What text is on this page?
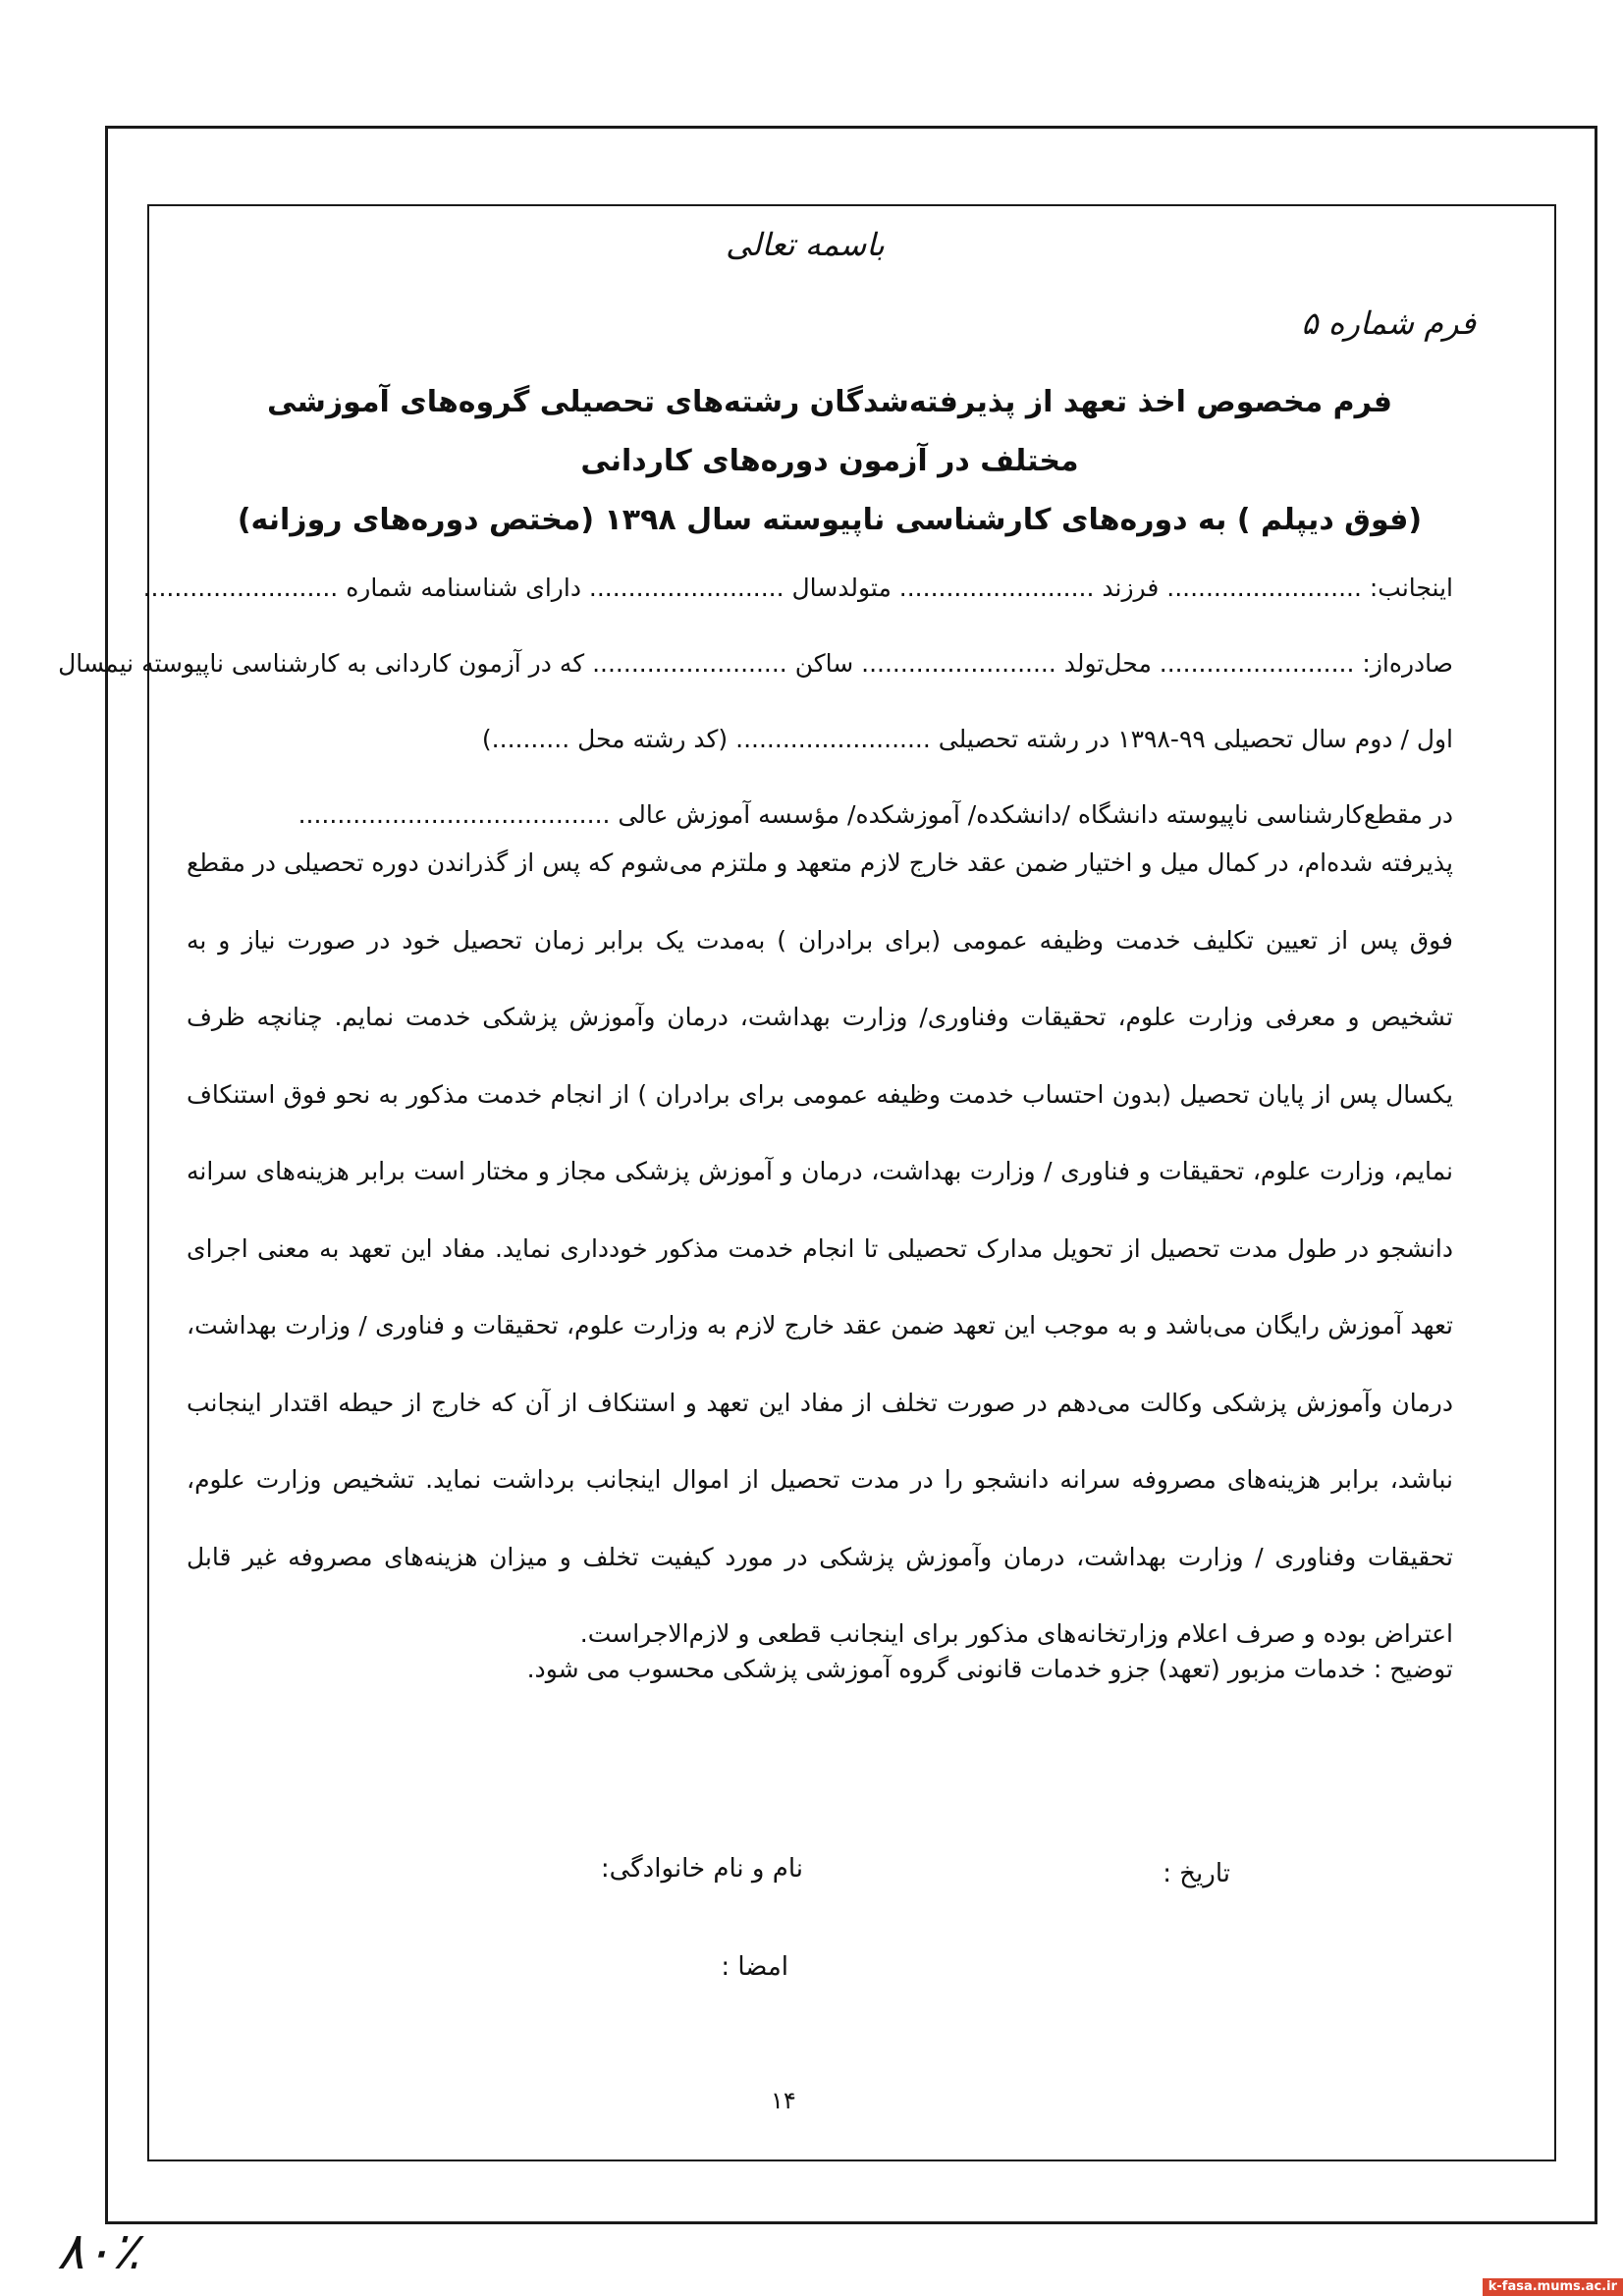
باسمه تعالی
فرم شماره ۵
فرم مخصوص اخذ تعهد از پذیرفته‌شدگان رشته‌های تحصیلی گروه‌های آموزشی مختلف در آزمون دوره‌های کاردانی
(فوق دیپلم ) به دوره‌های کارشناسی ناپیوسته سال ۱۳۹۸ (مختص دوره‌های روزانه)
اینجانب: ......................... فرزند ......................... متولدسال ......................... دارای شناسنامه شماره .........................
صادره‌از: ......................... محل‌تولد ......................... ساکن ......................... که در آزمون کاردانی به کارشناسی ناپیوسته نیمسال
اول / دوم سال تحصیلی ۹۹-۱۳۹۸ در رشته تحصیلی ......................... (کد رشته محل ..........)
در مقطع‌کارشناسی ناپیوسته دانشگاه /دانشکده/ آموزشکده/ مؤسسه آموزش عالی ........................................
پذیرفته شده‌ام، در کمال میل و اختیار ضمن عقد خارج لازم متعهد و ملتزم می‌شوم که پس از گذراندن دوره تحصیلی در مقطع فوق پس از تعیین تکلیف خدمت وظیفه عمومی (برای برادران ) به‌مدت یک برابر زمان تحصیل خود در صورت نیاز و به تشخیص و معرفی وزارت علوم، تحقیقات وفناوری/ وزارت بهداشت، درمان وآموزش پزشکی خدمت نمایم. چنانچه ظرف یکسال پس از پایان تحصیل (بدون احتساب خدمت وظیفه عمومی برای برادران ) از انجام خدمت مذکور به نحو فوق استنکاف نمایم، وزارت علوم، تحقیقات و فناوری / وزارت بهداشت، درمان و آموزش پزشکی مجاز و مختار است برابر هزینه‌های سرانه دانشجو در طول مدت تحصیل از تحویل مدارک تحصیلی تا انجام خدمت مذکور خودداری نماید. مفاد این تعهد به معنی اجرای تعهد آموزش رایگان می‌باشد و به موجب این تعهد ضمن عقد خارج لازم به وزارت علوم، تحقیقات و فناوری / وزارت بهداشت، درمان وآموزش پزشکی وکالت می‌دهم در صورت تخلف از مفاد این تعهد و استنکاف از آن که خارج از حیطه اقتدار اینجانب نباشد، برابر هزینه‌های مصروفه سرانه دانشجو را در مدت تحصیل از اموال اینجانب برداشت نماید. تشخیص وزارت علوم، تحقیقات وفناوری / وزارت بهداشت، درمان وآموزش پزشکی در مورد کیفیت تخلف و میزان هزینه‌های مصروفه غیر قابل اعتراض بوده و صرف اعلام وزارتخانه‌های مذکور برای اینجانب قطعی و لازم‌الاجراست.
توضیح : خدمات مزبور (تعهد) جزو خدمات قانونی گروه آموزشی پزشکی محسوب می شود.
تاریخ :
نام و نام خانوادگی:
امضا :
۱۴
۸۰٪
k-fasa.mums.ac.ir
